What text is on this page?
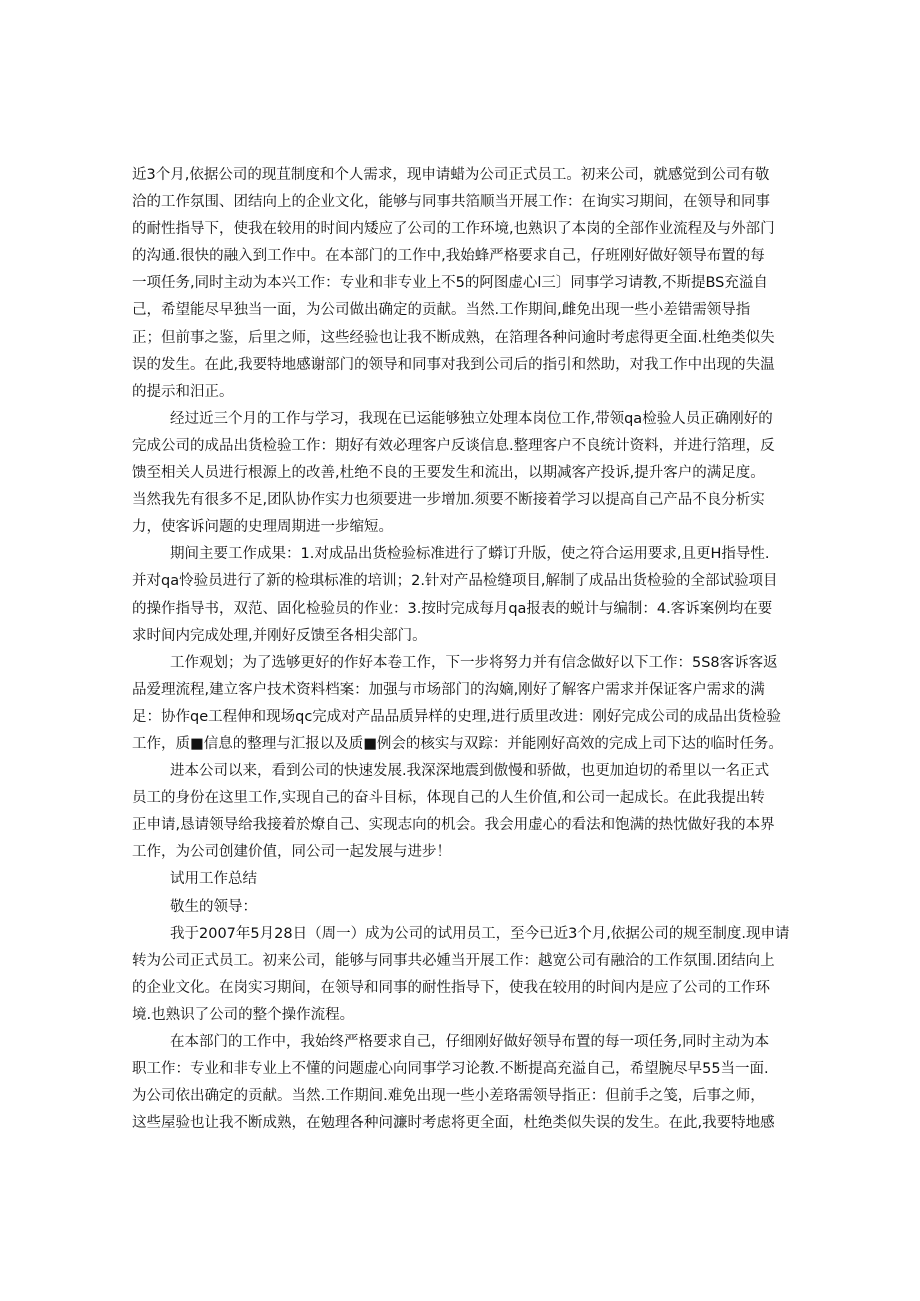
近3个月,依据公司的现苴制度和个人需求，现申请蜡为公司正式员工。初来公司，就感觉到公司有敬

洽的工作氛围、团结向上的企业文化，能够与同事共箔顺当开展工作：在询实习期间，在领导和同事

的耐性指导下，使我在较用的时间内矮应了公司的工作环境,也熟识了本岗的全部作业流程及与外部门

的沟通.很快的融入到工作中。在本部门的工作中,我始蜂严格要求自己，仔班刚好做好领导布置的每

一项任务,同时主动为本兴工作：专业和非专业上不5的阿图虚心l三〕同事学习请教,不斯提BS充溢自

己，希望能尽早独当一面，为公司做出确定的贡献。当然.工作期间,雌免出现一些小差错需领导指

正；但前事之鉴，后里之师，这些经验也让我不断成熟，在箔理各种问逾时考虑得更全面.杜绝类似失

误的发生。在此,我要特地感谢部门的领导和同事对我到公司后的指引和然助，对我工作中出现的失温

的提示和汨正。

经过近三个月的工作与学习，我现在已运能够独立处理本岗位工作,带领qa检验人员正确刚好的

完成公司的成品出货检验工作：期好有效必理客户反谈信息.整理客户不良统计资料，并进行箔理，反

馈至相关人员进行根源上的改善,杜绝不良的王要发生和流出，以期减客产投诉,提升客户的满足度。

当然我先有很多不足,团队协作实力也须要进一步增加.须要不断接着学习以提高自己产品不良分析实

力，使客诉问题的史理周期进一步缩短。

期间主要工作成果：1.对成品出货检验标准进行了蟒订升版，使之符合运用要求,且更H指导性.

并对qa怜验员进行了新的检琪标准的培训；2.针对产品检缝项目,解制了成品出货检验的全部试验项目

的操作指导书，双范、固化检验员的作业：3.按时完成每月qa报表的蜕计与编制：4.客诉案例均在要

求时间内完成处理,并刚好反馈至各相尖部门。

工作观划；为了选够更好的作好本卷工作，下一步将努力并有信念做好以下工作：5S8客诉客返

品爱理流程,建立客户技术资料档案：加强与市场部门的沟嫡,刚好了解客户需求并保证客户需求的满

足：协作qe工程伸和现场qc完成对产品品质异样的史理,进行质里改进：刚好完成公司的成品出货检验

工作，质■信息的整理与汇报以及质■例会的核实与双踪：并能刚好高效的完成上司下达的临时任务。

进本公司以来，看到公司的快速发展.我深深地震到傲慢和骄做，也更加迫切的希里以一名正式

员工的身份在这里工作,实现自己的奋斗目标，体现自己的人生价值,和公司一起成长。在此我提出转

正申请,恳请领导给我接着於燎自己、实现志向的机会。我会用虚心的看法和饱满的热忱做好我的本界

工作，为公司创建价值，同公司一起发展与进步！

试用工作总结

敬生的领导：

我于2007年5月28日（周一）成为公司的试用员工，至今已近3个月,依据公司的规至制度.现申请

转为公司正式员工。初来公司，能够与同事共必媑当开展工作：越宽公司有融洽的工作氛围.团结向上

的企业文化。在岗实习期间，在领导和同事的耐性指导下，使我在较用的时间内是应了公司的工作环

境.也熟识了公司的整个操作流程。

在本部门的工作中，我始终严格要求自己，仔细刚好做好领导布置的每一项任务,同时主动为本

职工作：专业和非专业上不懂的问题虚心向同事学习论教.不断提高充溢自己，希望腕尽早55当一面.

为公司依出确定的贡献。当然.工作期间.难免出现一些小差珞需领导指正：但前手之笺，后事之师，

这些屋验也让我不断成熟，在勉理各种问濂时考虑将更全面，杜绝类似失误的发生。在此,我要特地感
